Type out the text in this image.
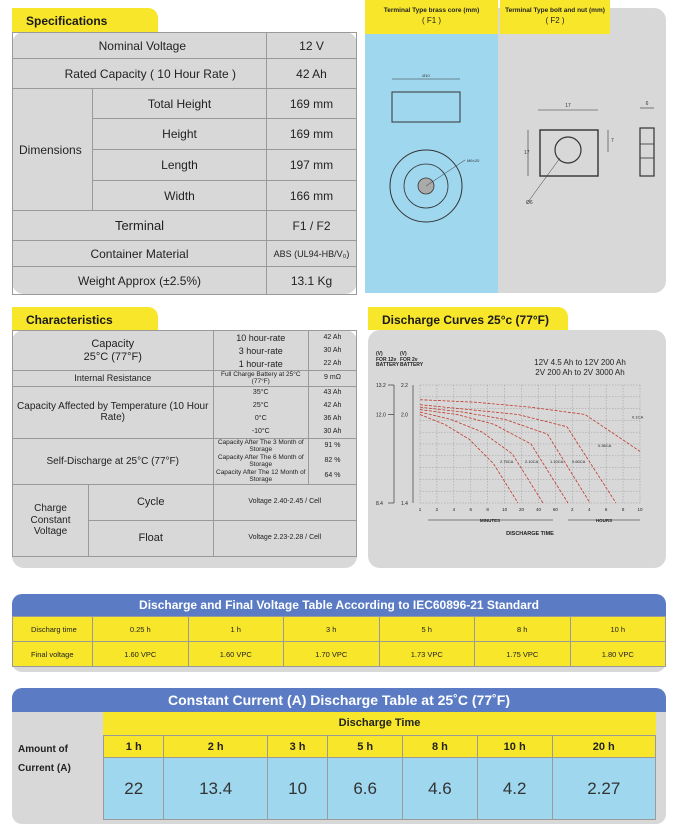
Specifications
Nominal Voltage		12 V
Rated Capacity ( 10 Hour Rate )		42 Ah
Dimensions	Total Height	169 mm
	Height	169 mm
	Length	197 mm
	Width	166 mm
Terminal		F1 / F2
Container Material		ABS (UL94-HB/V₀)
Weight Approx (±2.5%)		13.1 Kg
Terminal Type brass core (mm)
( F1 )
Terminal Type bolt and nut (mm)
( F2 )
Ø10
M6×20
17
17
7
Ø6
6
Characteristics
Capacity
25°C (77°F)		10 hour-rate	42 Ah
		3 hour-rate	30 Ah
		1 hour-rate	22 Ah
Internal Resistance		Full Charge Battery at 25°C (77°F)	9 mΩ
Capacity Affected by Temperature (10 Hour Rate)		35°C	43 Ah
		25°C	42 Ah
		0°C	36 Ah
		-10°C	30 Ah
Self-Discharge at 25°C (77°F)		Capacity After The 3 Month of Storage	91 %
		Capacity After The 6 Month of Storage	82 %
		Capacity After The 12 Month of Storage	64 %
Charge Constant Voltage	Cycle	Voltage 2.40-2.45 / Cell	
	Float	Voltage 2.23-2.28 / Cell	
Discharge Curves 25°c (77°F)
12V 4.5 Ah to 12V 200 Ah
2V 200 Ah to 2V 3000 Ah
(V)
FOR 12v
BATTERY
(V)
FOR 2v
BATTERY
2.75CA	2.10CA	1.10CA 0.60CA
0.36CA
0.1CA
13.2	2.2
12.0	2.0
8.4	1.4
1	2	4	6	8	10	20	40	60	2	4	6	8	10
MINUTES	HOURS
DISCHARGE TIME
Discharge and Final Voltage Table According to IEC60896-21 Standard
Discharg time	0.25 h	1 h	3 h	5 h	8 h	10 h
Final voltage	1.60 VPC	1.60 VPC	1.70 VPC	1.73 VPC	1.75 VPC	1.80 VPC
Constant Current (A) Discharge Table at 25˚C (77˚F)
Amount of Current (A)
Discharge Time
1 h	2 h	3 h	5 h	8 h	10 h	20 h
22	13.4	10	6.6	4.6	4.2	2.27
